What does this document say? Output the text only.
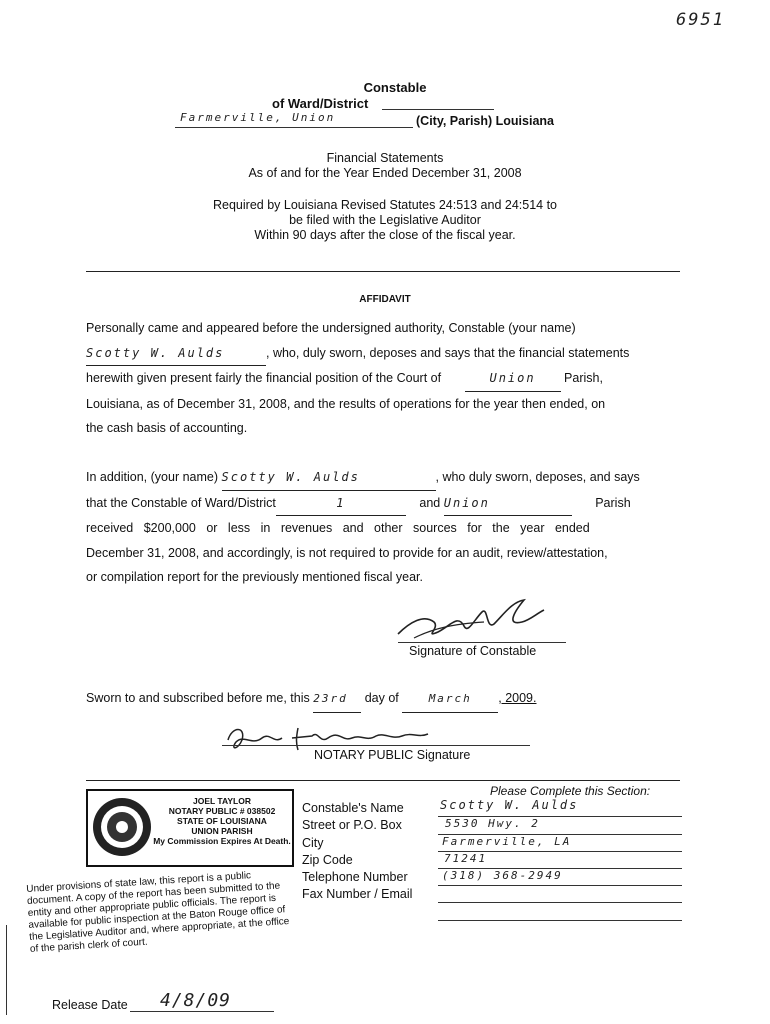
6951
Constable
of Ward/District
Farmerville, Union	(City, Parish) Louisiana
Financial Statements
As of and for the Year Ended December 31, 2008
Required by Louisiana Revised Statutes 24:513 and 24:514 to
be filed with the Legislative Auditor
Within 90 days after the close of the fiscal year.
AFFIDAVIT
Personally came and appeared before the undersigned authority, Constable (your name)
Scotty W. Aulds	, who, duly sworn, deposes and says that the financial statements
herewith given present fairly the financial position of the Court of	Union Parish,
Louisiana, as of December 31, 2008, and the results of operations for the year then ended, on
the cash basis of accounting.
In addition, (your name) Scotty W. Aulds	, who duly sworn, deposes, and says
that the Constable of Ward/District	1	and Union	Parish
received $200,000 or less in revenues and other sources for the year ended
December 31, 2008, and accordingly, is not required to provide for an audit, review/attestation,
or compilation report for the previously mentioned fiscal year.
Signature of Constable
Sworn to and subscribed before me, this 23rd day of	March , 2009.
NOTARY PUBLIC Signature
JOEL TAYLOR
NOTARY PUBLIC # 038502
STATE OF LOUISIANA
UNION PARISH
My Commission Expires At Death.
Please Complete this Section:
Constable's Name	Scotty W. Aulds
Street or P.O. Box	5530 Hwy. 2
City	Farmerville, LA
Zip Code	71241
Telephone Number	(318) 368-2949
Fax Number / Email
Under provisions of state law, this report is a public document. A copy of the report has been submitted to the entity and other appropriate public officials. The report is available for public inspection at the Baton Rouge office of the Legislative Auditor and, where appropriate, at the office of the parish clerk of court.
Release Date 4/8/09
